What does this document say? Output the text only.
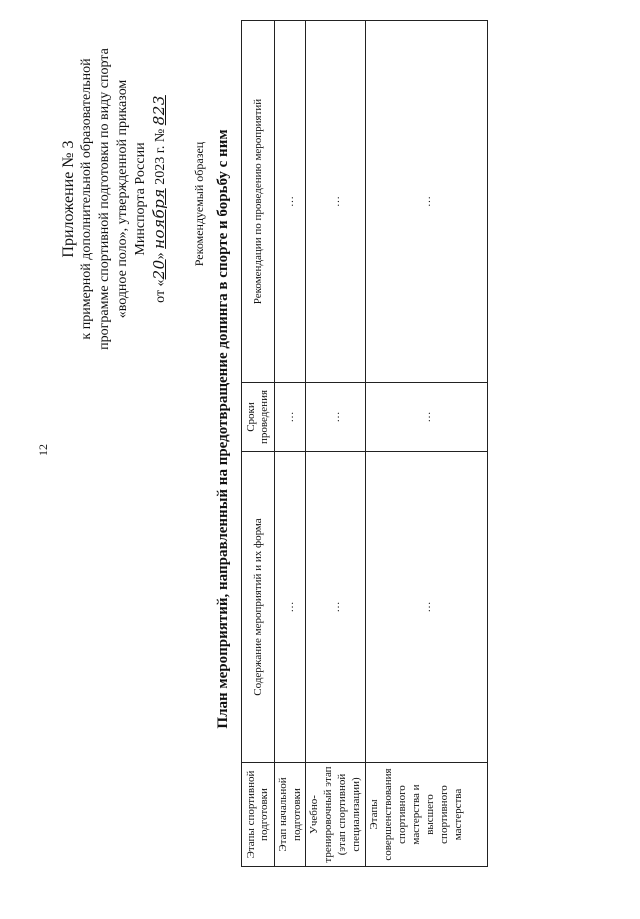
12
Приложение № 3 к примерной дополнительной образовательной программе спортивной подготовки по виду спорта «водное поло», утвержденной приказом Минспорта России
от «20» ноября 2023 г. № 823
Рекомендуемый образец План мероприятий, направленный на предотвращение допинга в спорте и борьбу с ним
Этапы спортивной подготовки	Содержание мероприятий и их форма	Сроки проведения	Рекомендации по проведению мероприятий
Этап начальной подготовки	…	…	…
Учебно-тренировочный этап (этап спортивной специализации)	…	…	…
Этапы совершенствования спортивного мастерства и высшего спортивного мастерства	…	…	…
